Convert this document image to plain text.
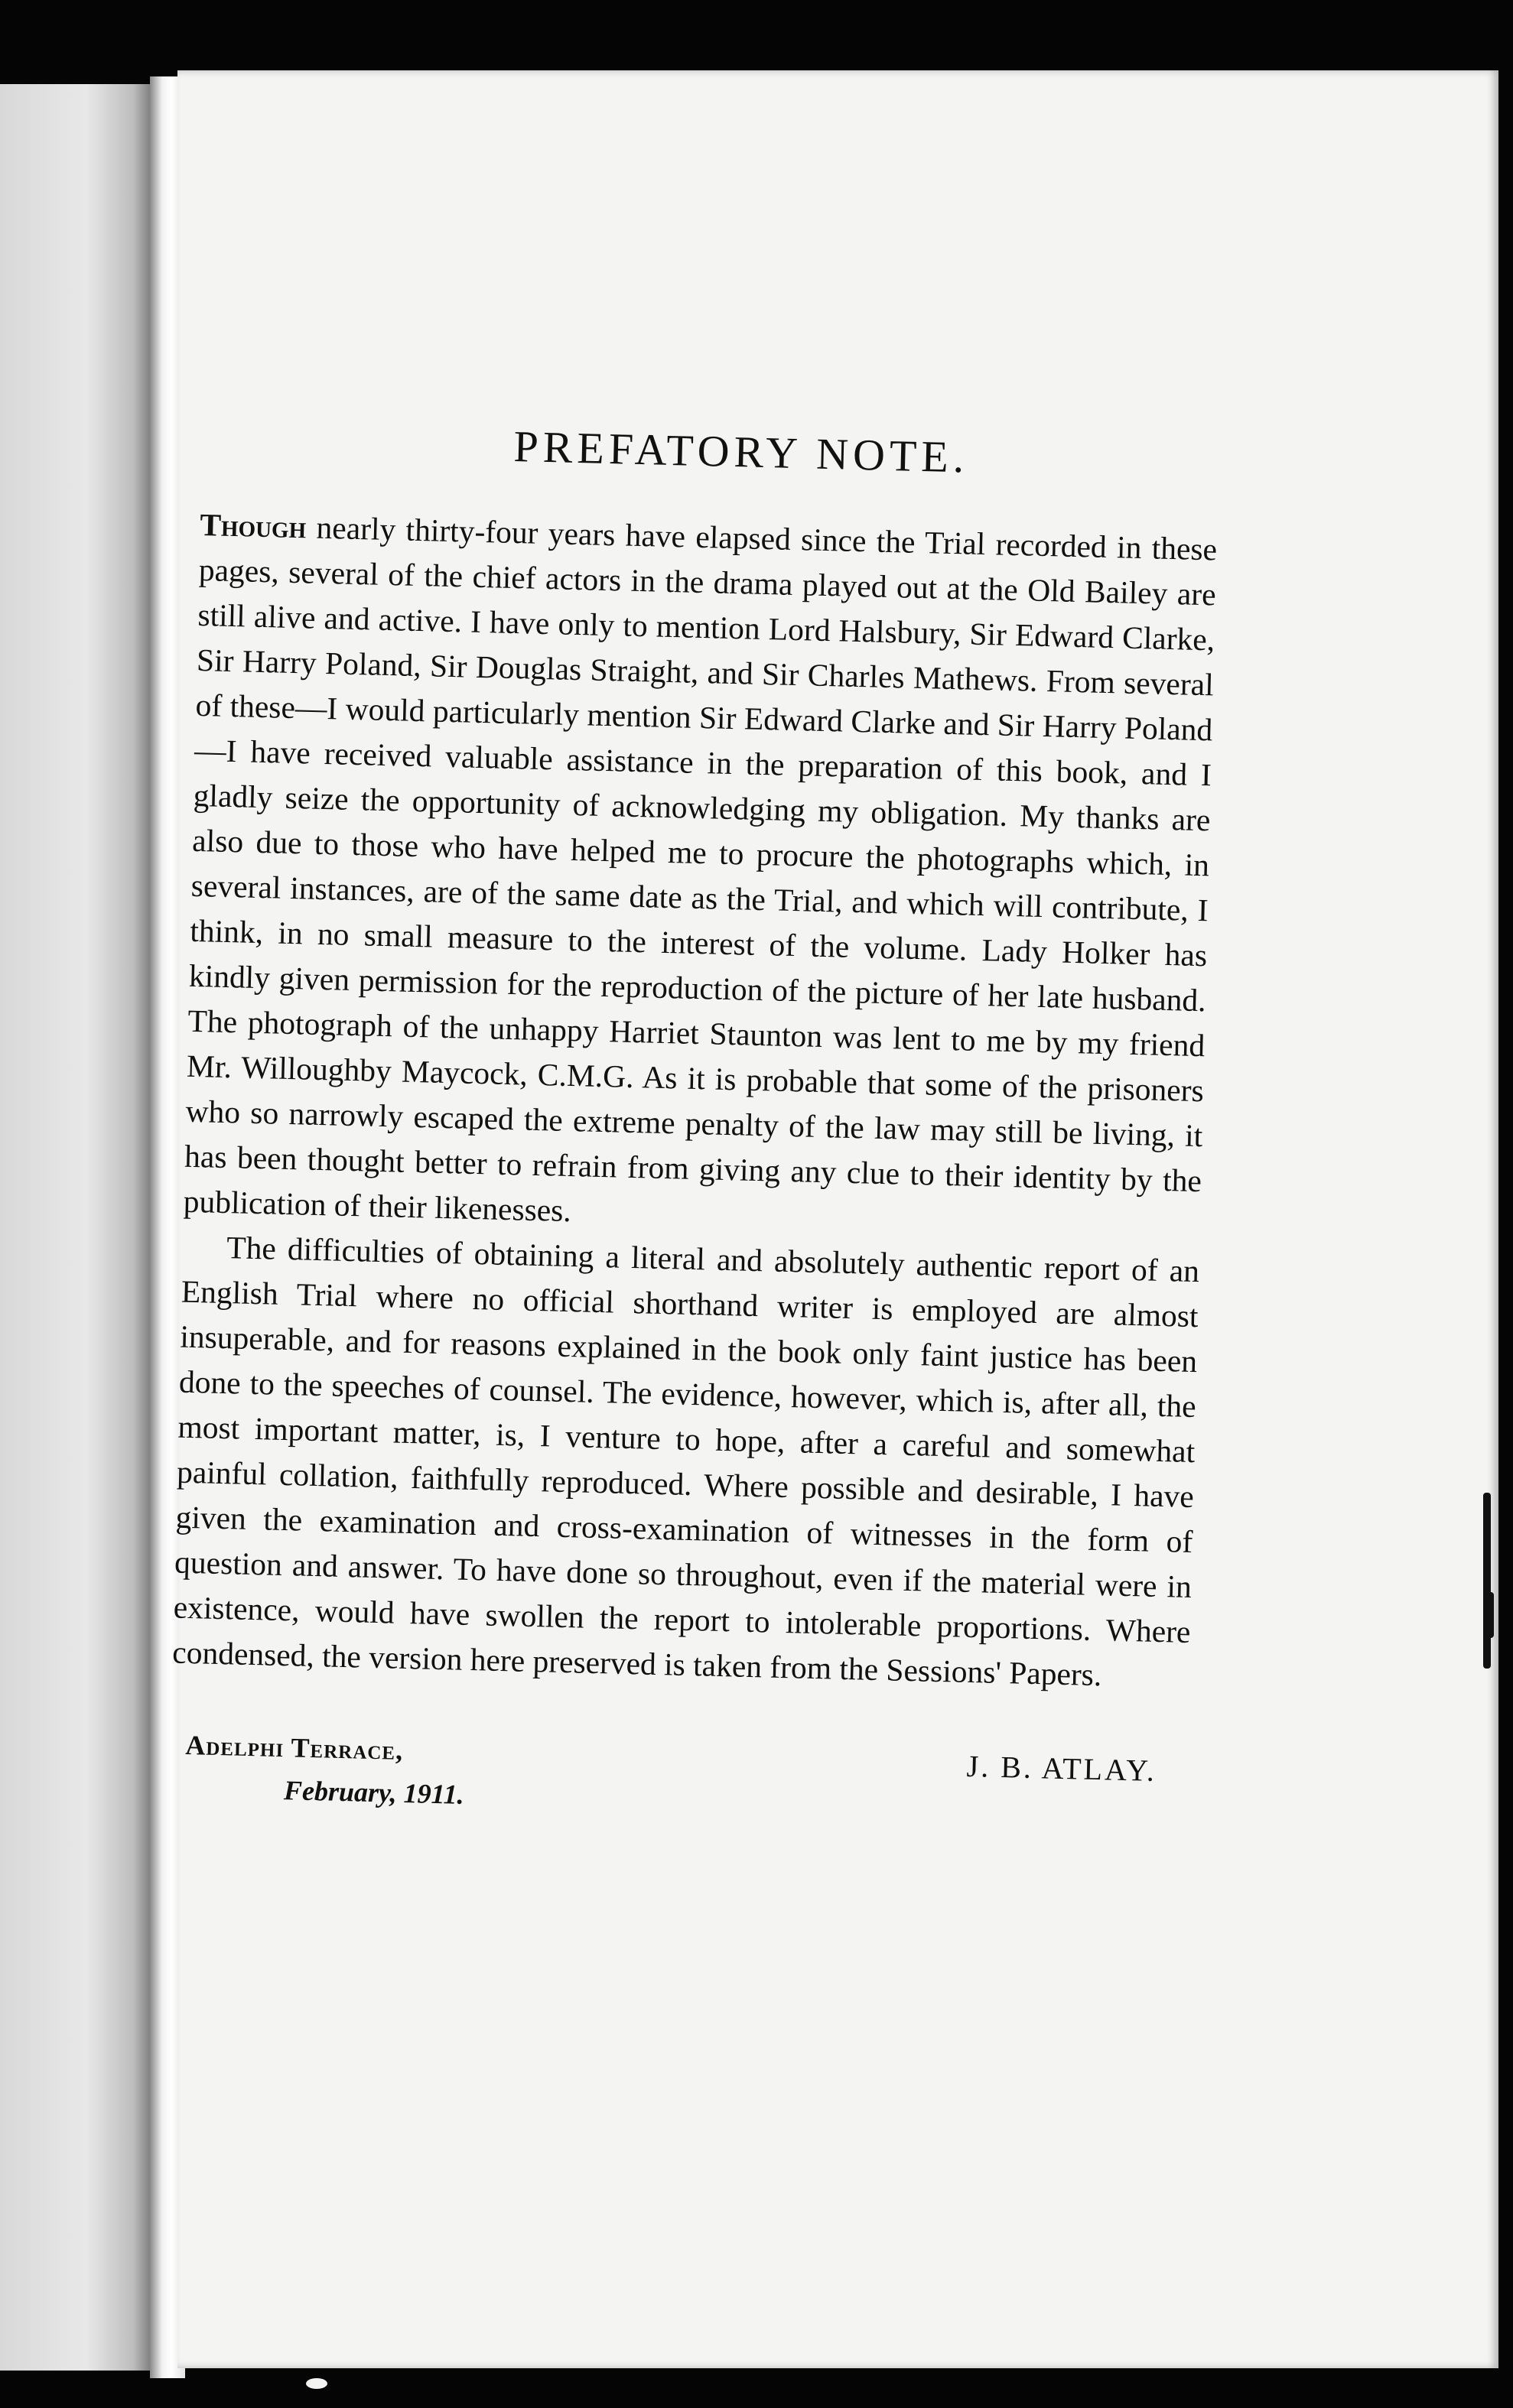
PREFATORY NOTE.

Though nearly thirty-four years have elapsed since the Trial recorded in these pages, several of the chief actors in the drama played out at the Old Bailey are still alive and active. I have only to mention Lord Halsbury, Sir Edward Clarke, Sir Harry Poland, Sir Douglas Straight, and Sir Charles Mathews. From several of these—I would particularly mention Sir Edward Clarke and Sir Harry Poland—I have received valuable assistance in the preparation of this book, and I gladly seize the opportunity of acknowledging my obligation. My thanks are also due to those who have helped me to procure the photographs which, in several instances, are of the same date as the Trial, and which will contribute, I think, in no small measure to the interest of the volume. Lady Holker has kindly given permission for the reproduction of the picture of her late husband. The photograph of the unhappy Harriet Staunton was lent to me by my friend Mr. Willoughby Maycock, C.M.G. As it is probable that some of the prisoners who so narrowly escaped the extreme penalty of the law may still be living, it has been thought better to refrain from giving any clue to their identity by the publication of their likenesses.

The difficulties of obtaining a literal and absolutely authentic report of an English Trial where no official shorthand writer is employed are almost insuperable, and for reasons explained in the book only faint justice has been done to the speeches of counsel. The evidence, however, which is, after all, the most important matter, is, I venture to hope, after a careful and somewhat painful collation, faithfully reproduced. Where possible and desirable, I have given the examination and cross-examination of witnesses in the form of question and answer. To have done so throughout, even if the material were in existence, would have swollen the report to intolerable proportions. Where condensed, the version here preserved is taken from the Sessions' Papers.

Adelphi Terrace,
February, 1911.
J. B. ATLAY.
